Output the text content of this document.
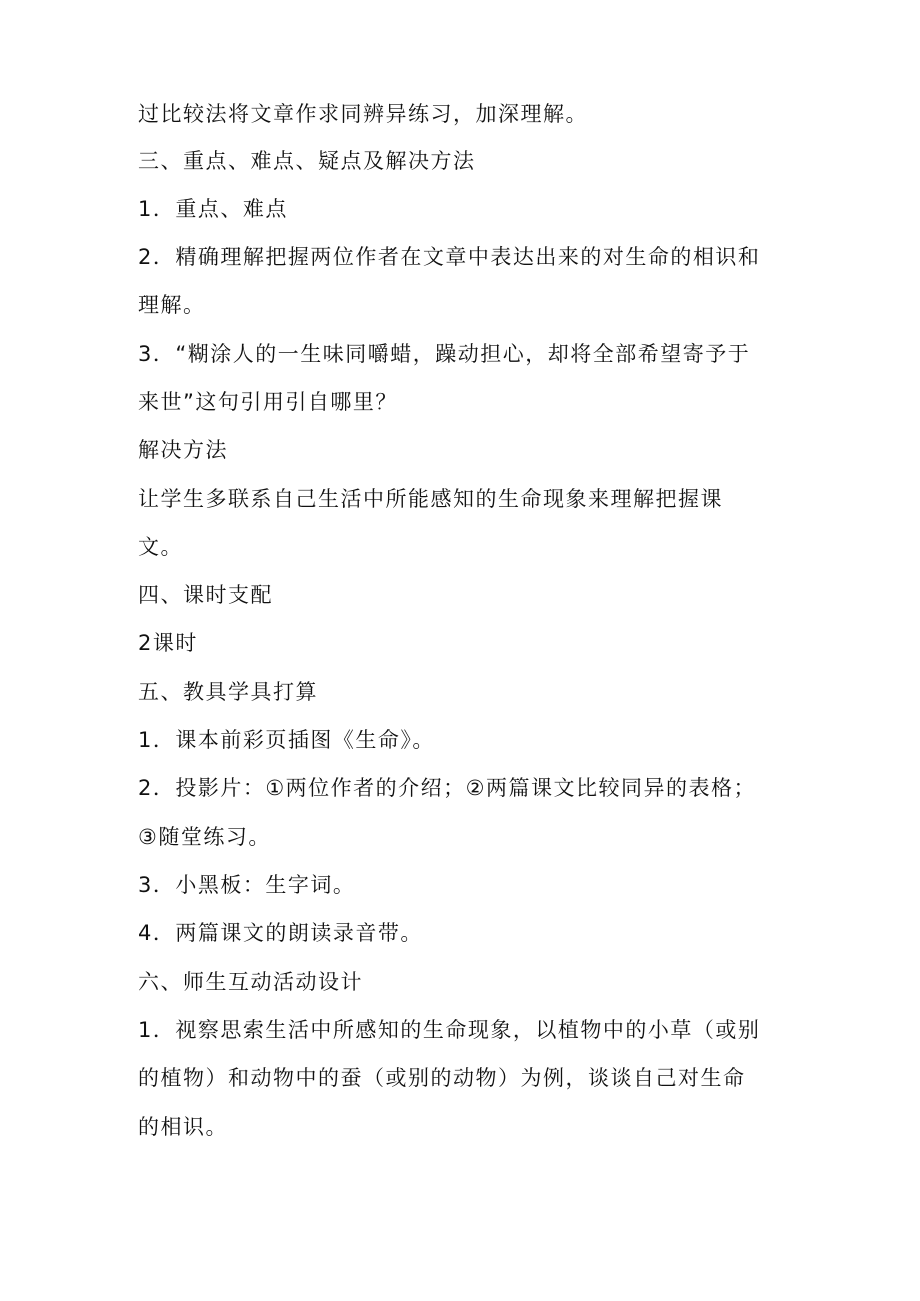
过比较法将文章作求同辨异练习，加深理解。
三、重点、难点、疑点及解决方法
1．重点、难点
2．精确理解把握两位作者在文章中表达出来的对生命的相识和
理解。
3．“糊涂人的一生味同嚼蜡，躁动担心，却将全部希望寄予于
来世”这句引用引自哪里？
解决方法
让学生多联系自己生活中所能感知的生命现象来理解把握课
文。
四、课时支配
2课时
五、教具学具打算
1．课本前彩页插图《生命》。
2．投影片：①两位作者的介绍；②两篇课文比较同异的表格；
③随堂练习。
3．小黑板：生字词。
4．两篇课文的朗读录音带。
六、师生互动活动设计
1．视察思索生活中所感知的生命现象，以植物中的小草（或别
的植物）和动物中的蚕（或别的动物）为例，谈谈自己对生命
的相识。
